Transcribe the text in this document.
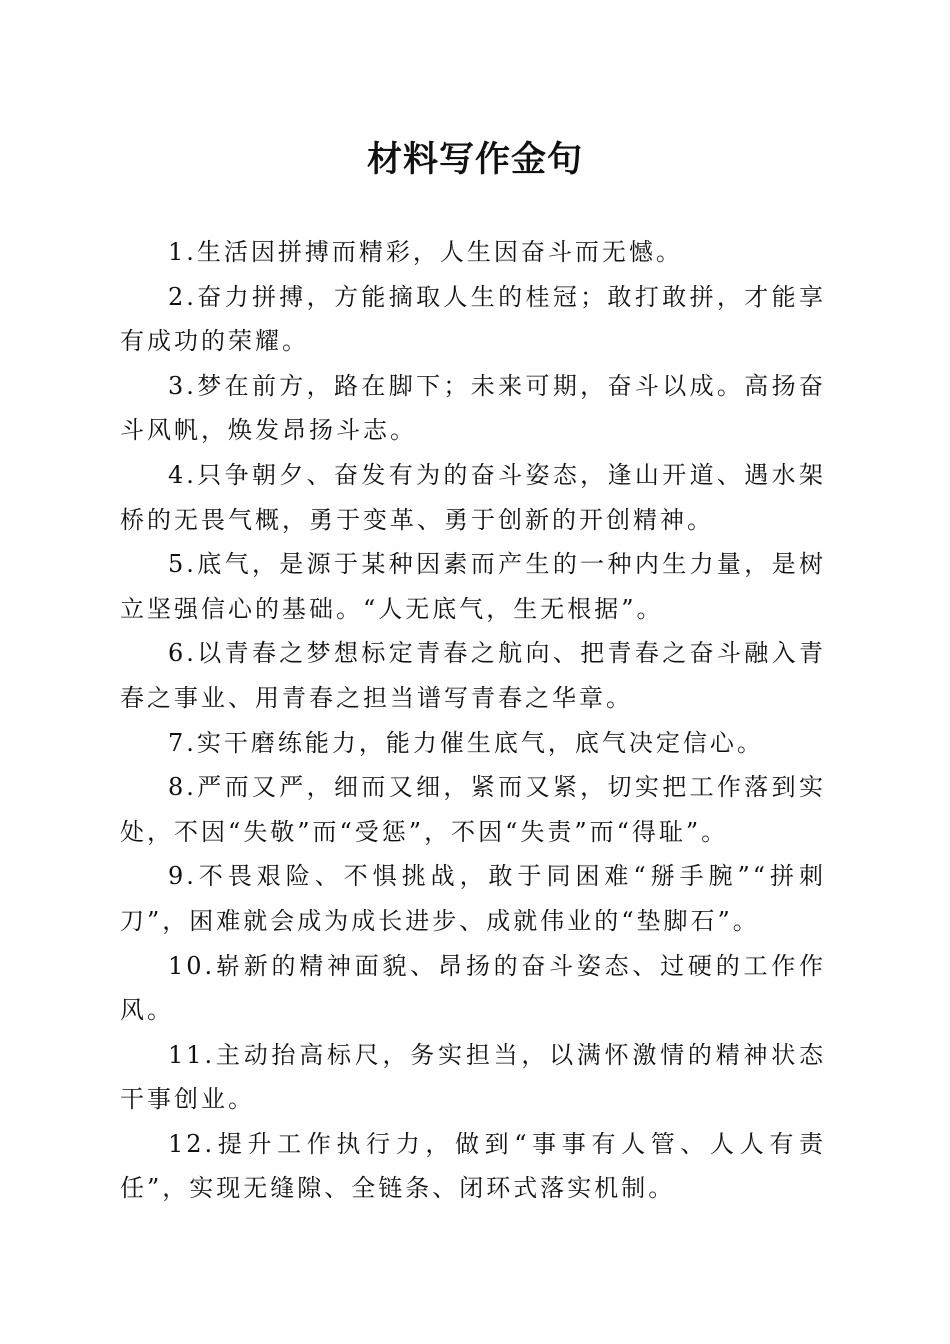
材料写作金句

1.生活因拼搏而精彩，人生因奋斗而无憾。

2.奋力拼搏，方能摘取人生的桂冠；敢打敢拼，才能享有成功的荣耀。

3.梦在前方，路在脚下；未来可期，奋斗以成。高扬奋斗风帆，焕发昂扬斗志。

4.只争朝夕、奋发有为的奋斗姿态，逢山开道、遇水架桥的无畏气概，勇于变革、勇于创新的开创精神。

5.底气，是源于某种因素而产生的一种内生力量，是树立坚强信心的基础。“人无底气，生无根据”。

6.以青春之梦想标定青春之航向、把青春之奋斗融入青春之事业、用青春之担当谱写青春之华章。

7.实干磨练能力，能力催生底气，底气决定信心。

8.严而又严，细而又细，紧而又紧，切实把工作落到实处，不因“失敬”而“受惩”，不因“失责”而“得耻”。

9.不畏艰险、不惧挑战，敢于同困难“掰手腕”“拼刺刀”，困难就会成为成长进步、成就伟业的“垫脚石”。

10.崭新的精神面貌、昂扬的奋斗姿态、过硬的工作作风。

11.主动抬高标尺，务实担当，以满怀激情的精神状态干事创业。

12.提升工作执行力，做到“事事有人管、人人有责任”，实现无缝隙、全链条、闭环式落实机制。
